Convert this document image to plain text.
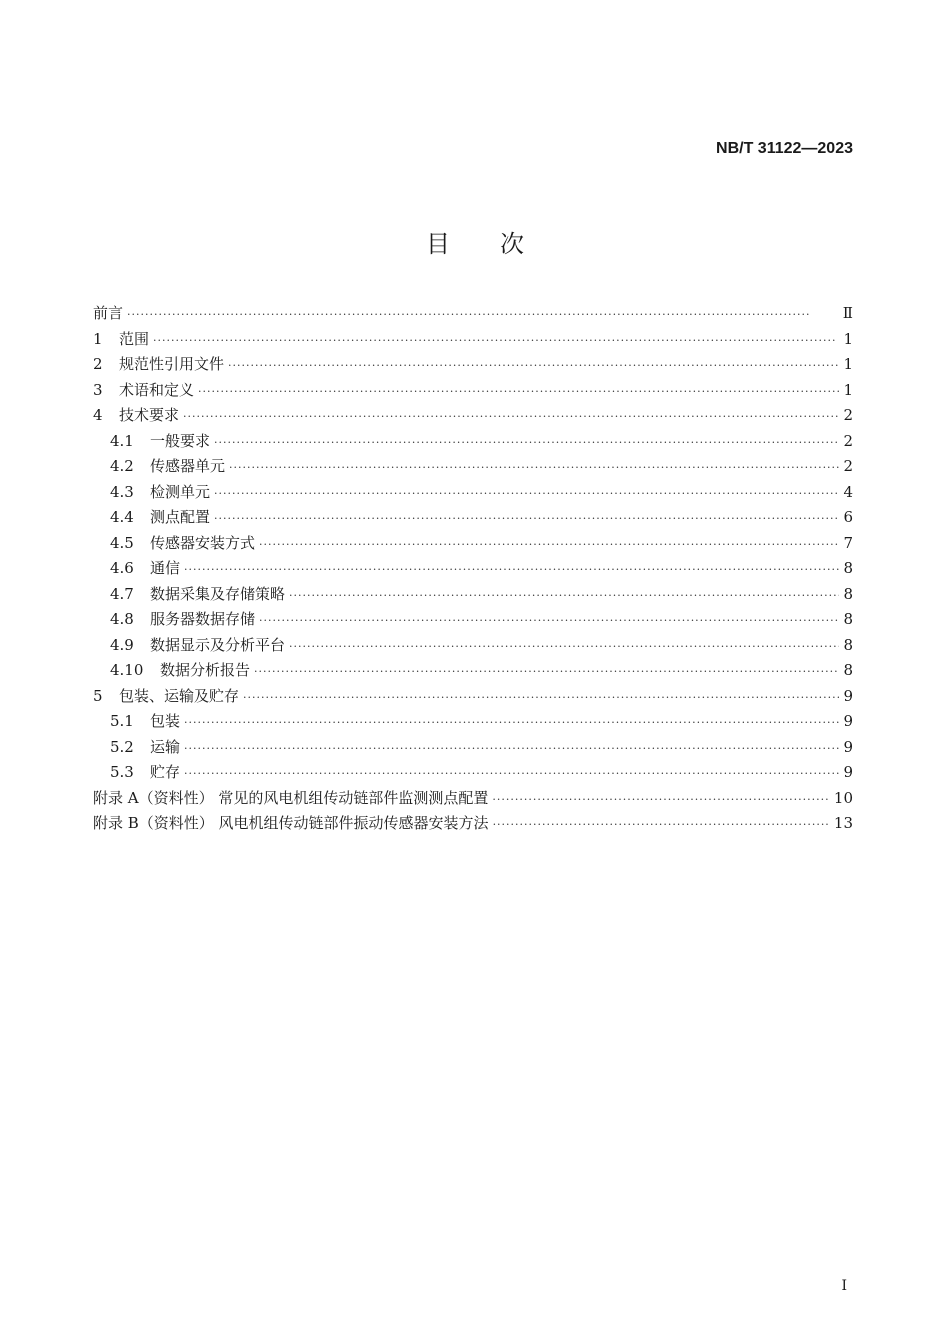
NB/T 31122—2023
目次
前言 ·····	Ⅱ
1	范围 ·····	1
2	规范性引用文件 ·····	1
3	术语和定义 ·····	1
4	技术要求 ·····	2
4.1	一般要求 ·····	2
4.2	传感器单元 ·····	2
4.3	检测单元 ·····	4
4.4	测点配置 ·····	6
4.5	传感器安装方式 ·····	7
4.6	通信 ·····	8
4.7	数据采集及存储策略 ·····	8
4.8	服务器数据存储 ·····	8
4.9	数据显示及分析平台 ·····	8
4.10	数据分析报告 ·····	8
5	包装、运输及贮存 ·····	9
5.1	包装 ·····	9
5.2	运输 ·····	9
5.3	贮存 ·····	9
附录 A（资料性） 常见的风电机组传动链部件监测测点配置 ·····	10
附录 B（资料性） 风电机组传动链部件振动传感器安装方法 ·····	13
I
